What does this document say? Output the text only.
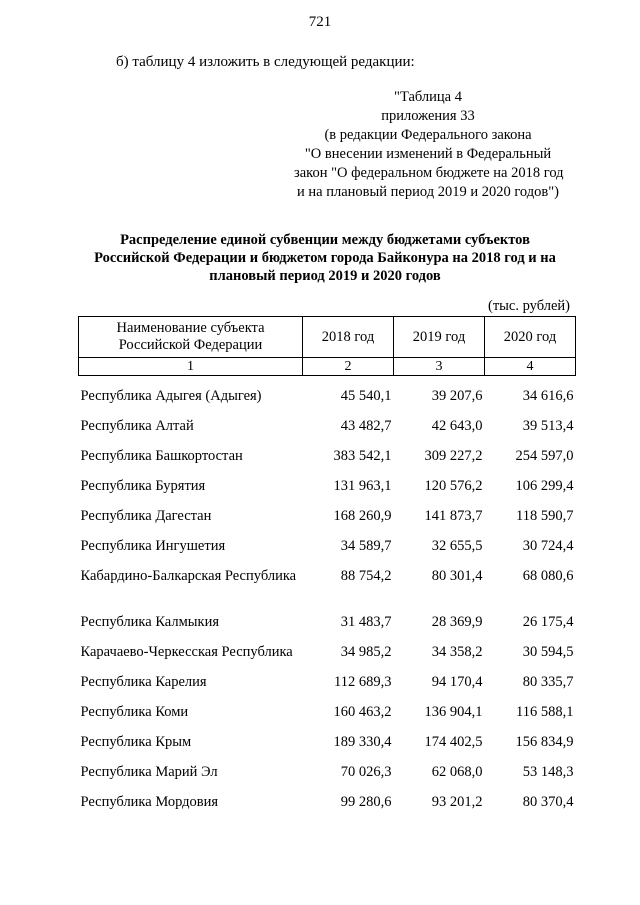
721
б) таблицу 4 изложить в следующей редакции:
"Таблица 4
приложения 33
(в редакции Федерального закона
"О внесении изменений в Федеральный
закон "О федеральном бюджете на 2018 год
и на плановый период 2019 и 2020 годов")
Распределение единой субвенции между бюджетами субъектов
Российской Федерации и бюджетом города Байконура на 2018 год и на
плановый период 2019 и 2020 годов
(тыс. рублей)
Наименование субъекта Российской Федерации	2018 год	2019 год	2020 год
1	2	3	4
Республика Адыгея (Адыгея)	45 540,1	39 207,6	34 616,6
Республика Алтай	43 482,7	42 643,0	39 513,4
Республика Башкортостан	383 542,1	309 227,2	254 597,0
Республика Бурятия	131 963,1	120 576,2	106 299,4
Республика Дагестан	168 260,9	141 873,7	118 590,7
Республика Ингушетия	34 589,7	32 655,5	30 724,4
Кабардино-Балкарская Республика	88 754,2	80 301,4	68 080,6
Республика Калмыкия	31 483,7	28 369,9	26 175,4
Карачаево-Черкесская Республика	34 985,2	34 358,2	30 594,5
Республика Карелия	112 689,3	94 170,4	80 335,7
Республика Коми	160 463,2	136 904,1	116 588,1
Республика Крым	189 330,4	174 402,5	156 834,9
Республика Марий Эл	70 026,3	62 068,0	53 148,3
Республика Мордовия	99 280,6	93 201,2	80 370,4
